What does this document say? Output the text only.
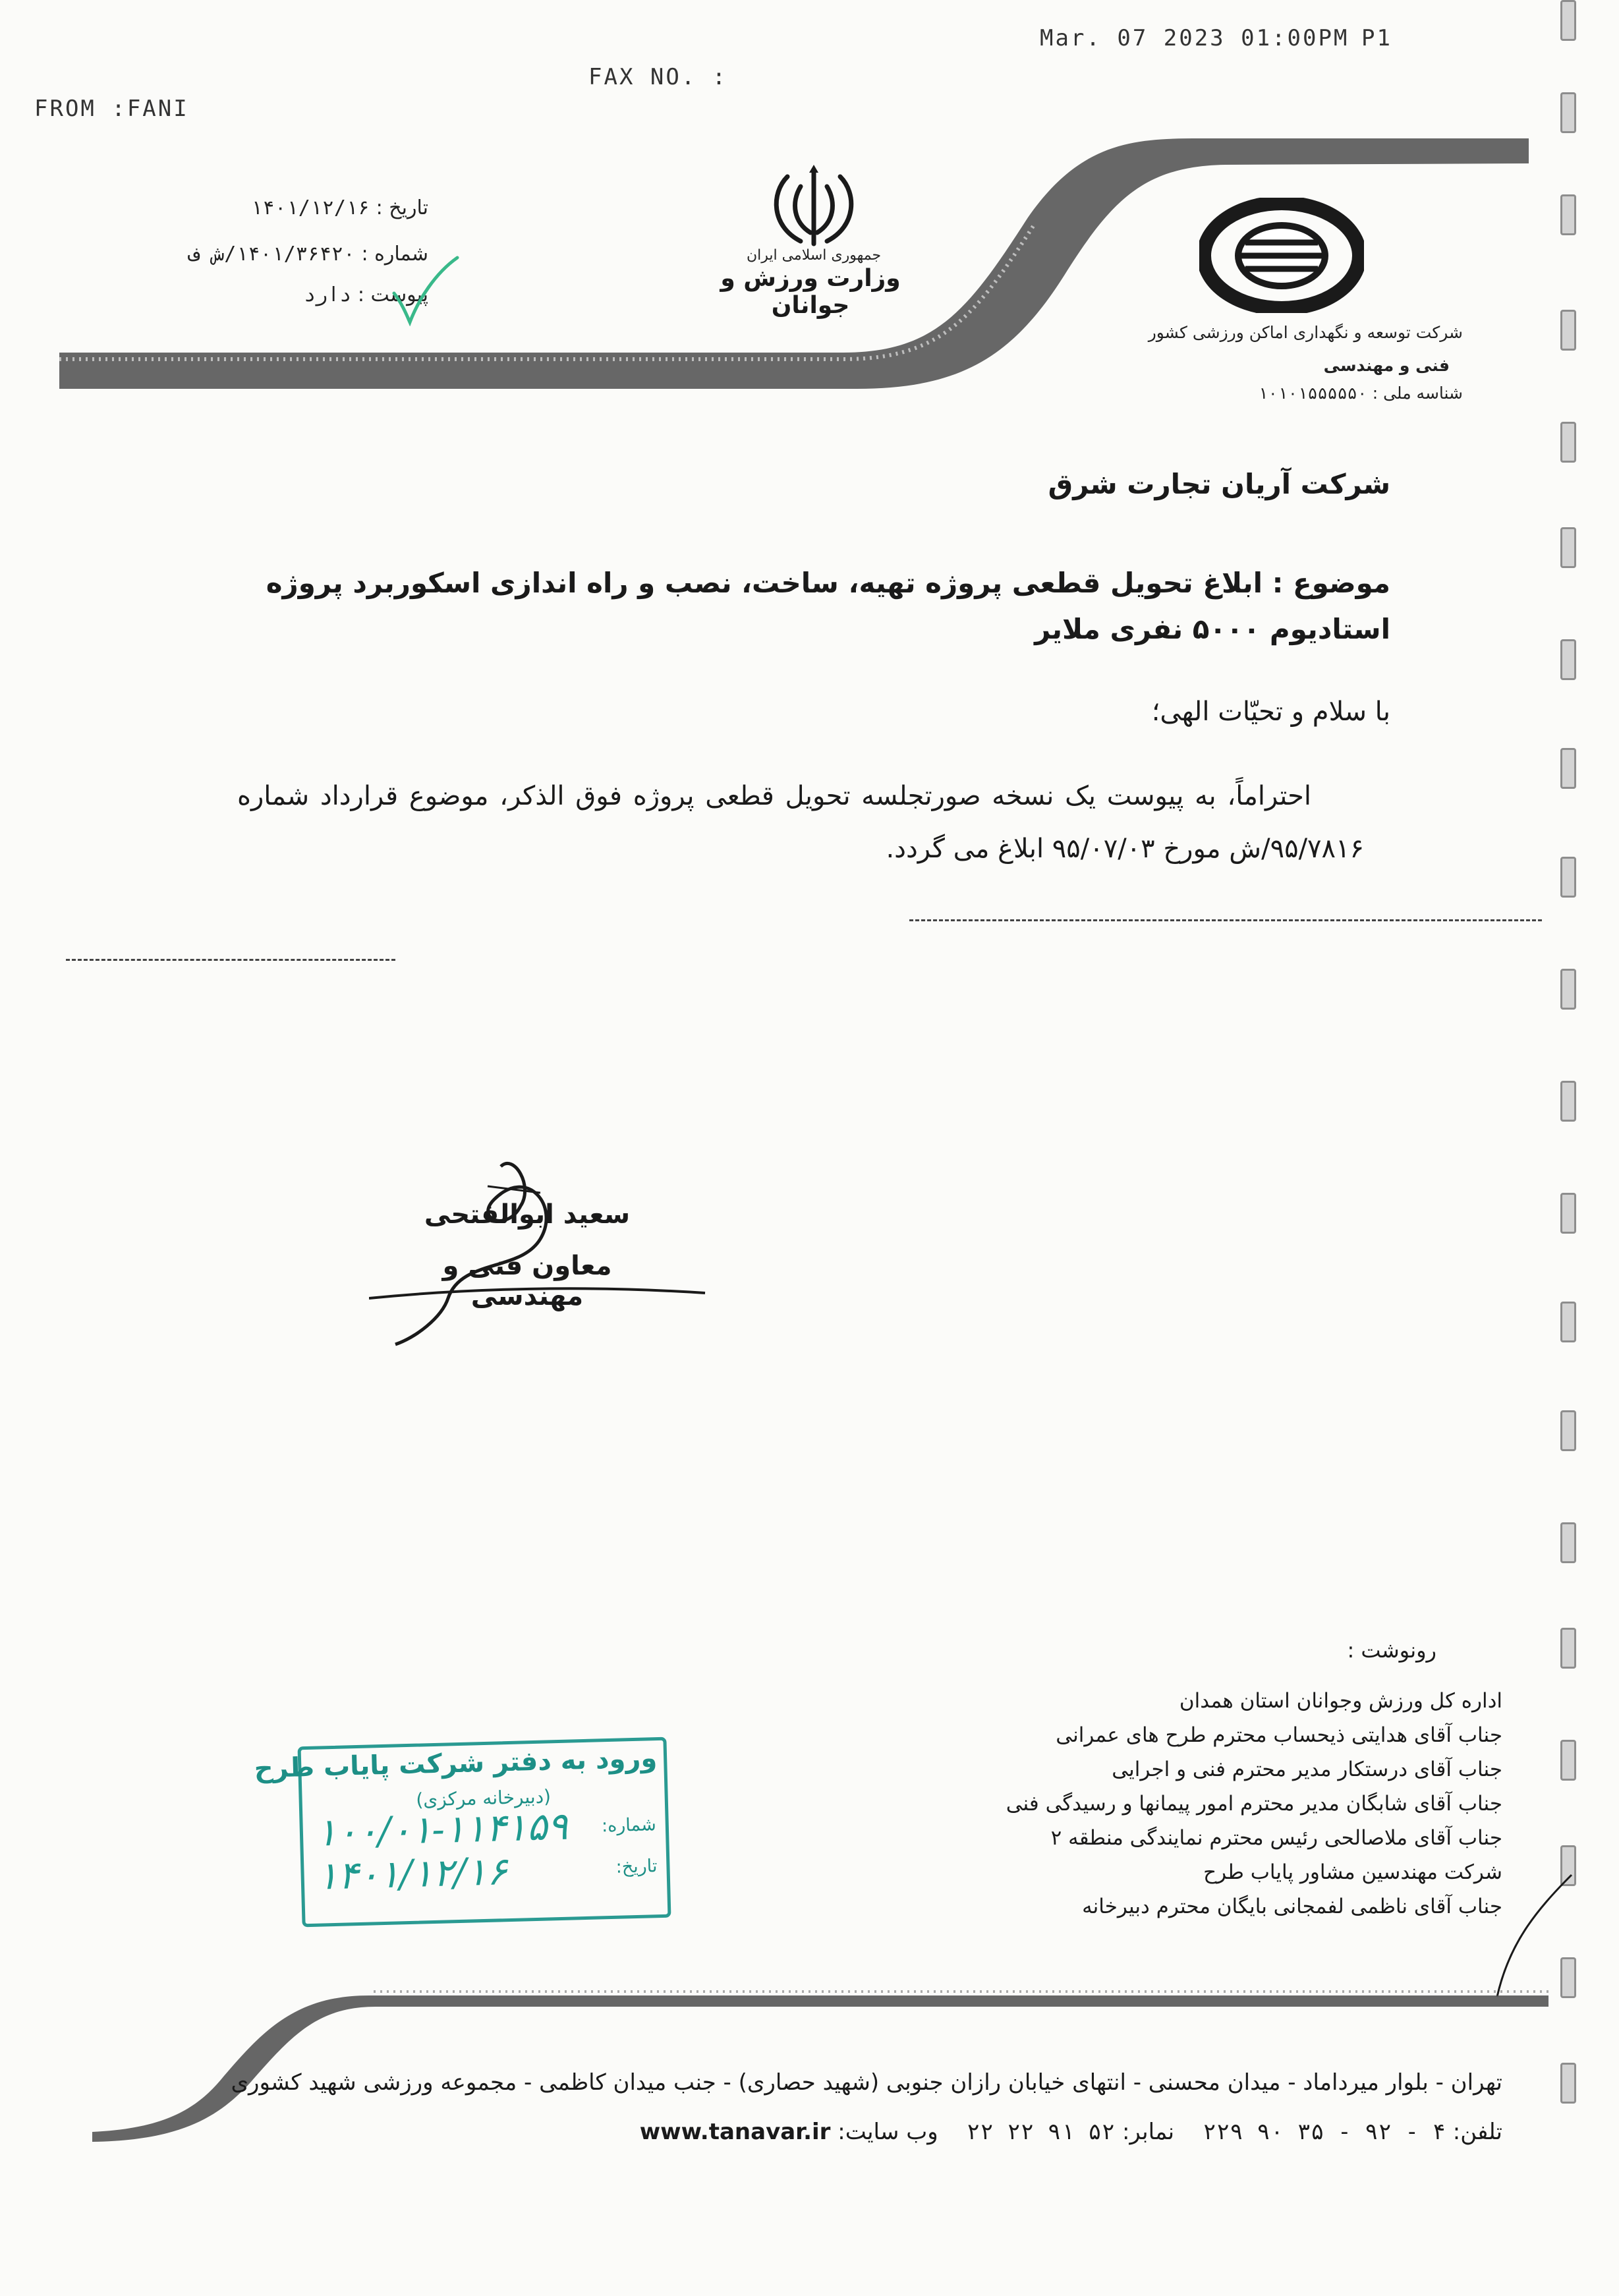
Mar. 07 2023 01:00PM P1
FAX NO. :
FROM :FANI
جمهوری اسلامی ایران
وزارت ورزش و جوانان
شرکت توسعه و نگهداری اماکن ورزشی کشور
فنی و مهندسی
شناسه ملی : ۱۰۱۰۱۵۵۵۵۵۰
تاریخ : ۱۴۰۱/۱۲/۱۶
شماره : ۱۴۰۱/۳۶۴۲۰/ش ف
پیوست : دارد
شرکت آریان تجارت شرق
موضوع : ابلاغ تحویل قطعی پروژه تهیه، ساخت، نصب و راه اندازی اسکوربرد پروژه استادیوم ۵۰۰۰ نفری ملایر
با سلام و تحیّات الهی؛
احتراماً، به پیوست یک نسخه صورتجلسه تحویل قطعی پروژه فوق الذکر، موضوع قرارداد شماره ۹۵/۷۸۱۶/ش مورخ ۹۵/۰۷/۰۳ ابلاغ می گردد.
سعید ابوالفتحی
معاون فنی و مهندسی
رونوشت :
اداره کل ورزش وجوانان استان همدان
جناب آقای هدایتی ذیحساب محترم طرح های عمرانی
جناب آقای درستکار مدیر محترم فنی و اجرایی
جناب آقای شابگان مدیر محترم امور پیمانها و رسیدگی فنی
جناب آقای ملاصالحی رئیس محترم نمایندگی منطقه ۲
شرکت مهندسین مشاور پایاب طرح
جناب آقای ناظمی لفمجانی بایگان محترم دبیرخانه
ورود به دفتر شرکت پایاب طرح
(دبیرخانه مرکزی)
شماره:
۱۰۰/۰۱-۱۱۴۱۵۹
تاریخ:
۱۴۰۱/۱۲/۱۶
تهران - بلوار میرداماد - میدان محسنی - انتهای خیابان رازان جنوبی (شهید حصاری) - جنب میدان کاظمی - مجموعه ورزشی شهید کشوری
تلفن: ۴ - ۹۲ - ۳۵ ۹۰ ۲۲۹    نمابر: ۵۲ ۹۱ ۲۲ ۲۲    وب سایت: www.tanavar.ir
